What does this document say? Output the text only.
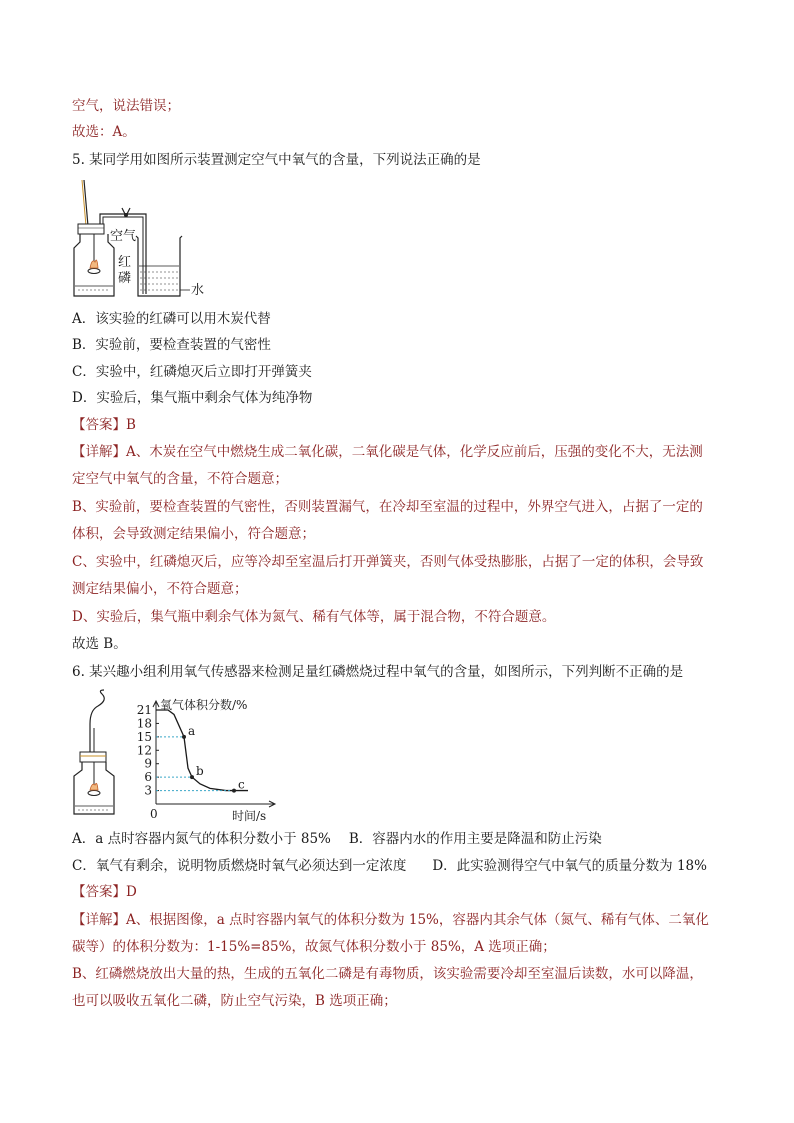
空气，说法错误；
故选：A。
5. 某同学用如图所示装置测定空气中氧气的含量，下列说法正确的是
空气
红
磷
水
A．该实验的红磷可以用木炭代替
B．实验前，要检查装置的气密性
C．实验中，红磷熄灭后立即打开弹簧夹
D．实验后，集气瓶中剩余气体为纯净物
【答案】B
【详解】A、木炭在空气中燃烧生成二氧化碳，二氧化碳是气体，化学反应前后，压强的变化不大，无法测
定空气中氧气的含量，不符合题意；
B、实验前，要检查装置的气密性，否则装置漏气，在冷却至室温的过程中，外界空气进入，占据了一定的
体积，会导致测定结果偏小，符合题意；
C、实验中，红磷熄灭后，应等冷却至室温后打开弹簧夹，否则气体受热膨胀，占据了一定的体积，会导致
测定结果偏小，不符合题意；
D、实验后，集气瓶中剩余气体为氮气、稀有气体等，属于混合物，不符合题意。
故选 B。
6. 某兴趣小组利用氧气传感器来检测足量红磷燃烧过程中氧气的含量，如图所示，下列判断不正确的是
21
18
15
12
9
6
3
氧气体积分数/%
时间/s
0
a
b
c
A．a 点时容器内氮气的体积分数小于 85% B．容器内水的作用主要是降温和防止污染
C．氧气有剩余，说明物质燃烧时氧气必须达到一定浓度 D．此实验测得空气中氧气的质量分数为 18%
【答案】D
【详解】A、根据图像，a 点时容器内氧气的体积分数为 15%，容器内其余气体（氮气、稀有气体、二氧化
碳等）的体积分数为：1-15%=85%，故氮气体积分数小于 85%，A 选项正确；
B、红磷燃烧放出大量的热，生成的五氧化二磷是有毒物质，该实验需要冷却至室温后读数，水可以降温，
也可以吸收五氧化二磷，防止空气污染，B 选项正确；
